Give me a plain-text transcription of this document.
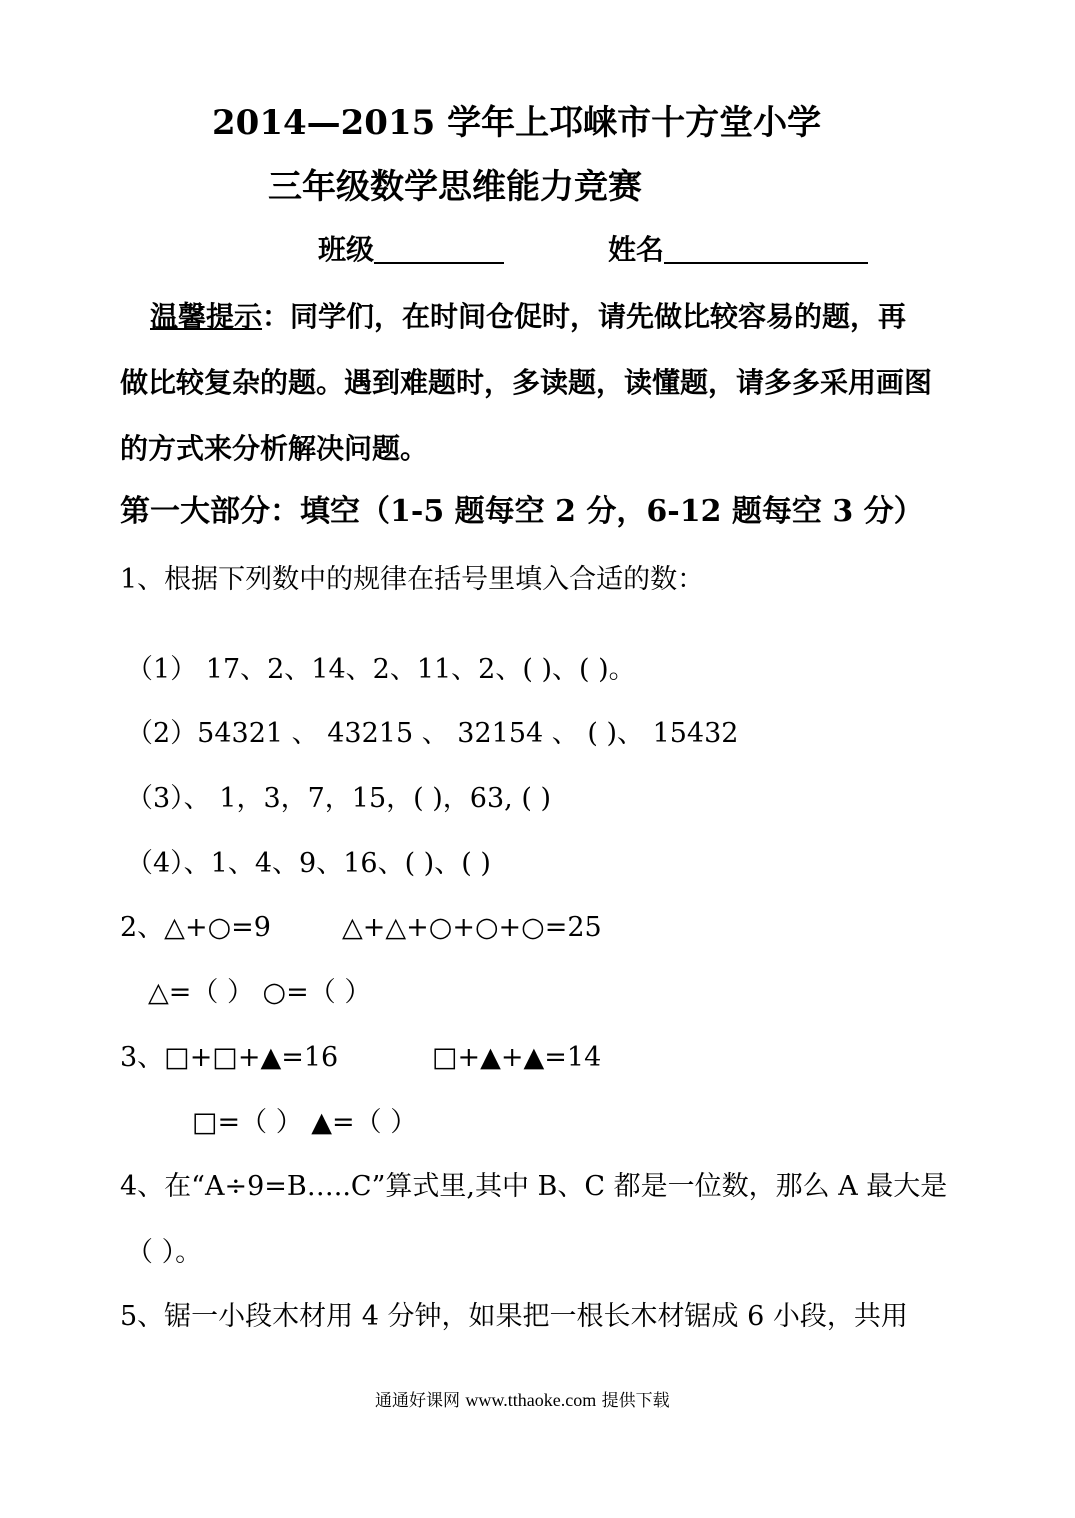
2014—2015 学年上邛崃市十方堂小学
三年级数学思维能力竞赛
班级	姓名
温馨提示：同学们，在时间仓促时，请先做比较容易的题，再
做比较复杂的题。遇到难题时，多读题，读懂题，请多多采用画图
的方式来分析解决问题。
第一大部分：填空（1-5 题每空 2 分，6-12 题每空 3 分）
1、根据下列数中的规律在括号里填入合适的数：
（1） 17、2、14、2、11、2、( )、( )。
（2）54321 、 43215 、 32154 、 ( )、 15432
（3）、 1，3，7，15，( )，63, ( )
（4）、1、4、9、16、( )、( )
2、△+○=9	△+△+○+○+○=25
△=（ ） ○=（ ）
3、□+□+▲=16	□+▲+▲=14
□=（ ） ▲=（ ）
4、在“A÷9=B…..C”算式里,其中 B、C 都是一位数，那么 A 最大是
（ ）。
5、锯一小段木材用 4 分钟，如果把一根长木材锯成 6 小段，共用
通通好课网 www.tthaoke.com 提供下载
